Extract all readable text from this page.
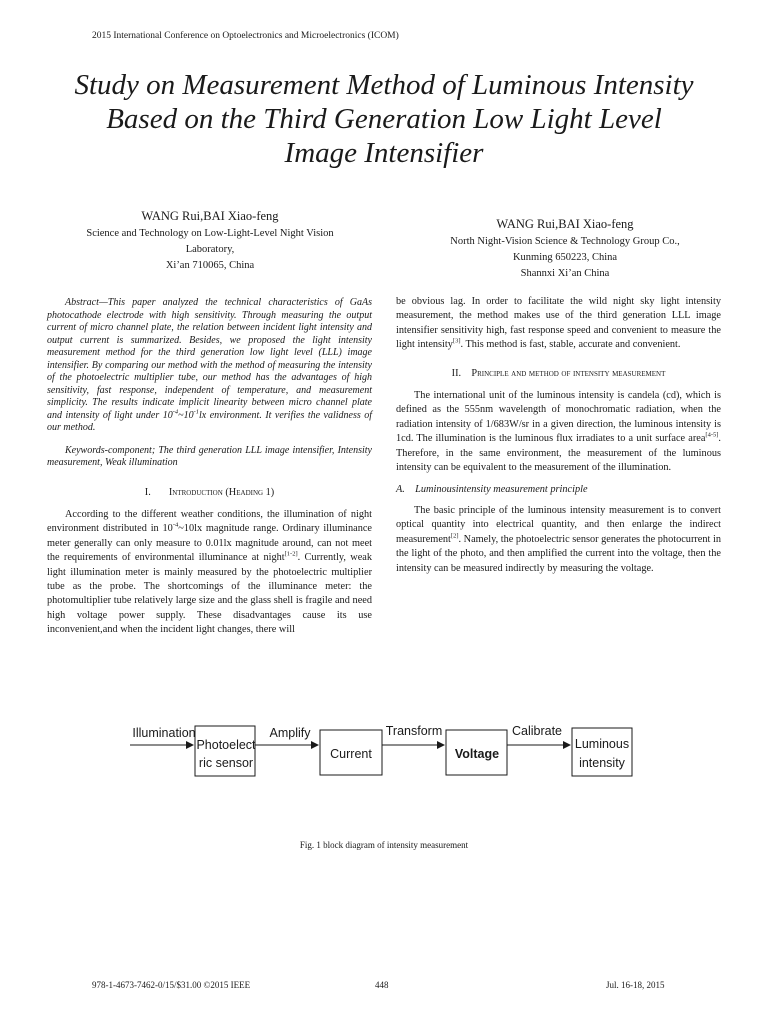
2015 International Conference on Optoelectronics and Microelectronics (ICOM)
Study on Measurement Method of Luminous Intensity
Based on the Third Generation Low Light Level
Image Intensifier
WANG Rui,BAI Xiao-feng
Science and Technology on Low-Light-Level Night Vision
Laboratory,
Xi’an 710065, China
WANG Rui,BAI Xiao-feng
North Night-Vision Science & Technology Group Co.,
Kunming 650223, China
Shannxi Xi’an China

Abstract—This paper analyzed the technical characteristics of GaAs photocathode electrode with high sensitivity. Through measuring the output current of micro channel plate, the relation between incident light intensity and output current is summarized. Besides, we proposed the light intensity measurement method for the third generation low light level (LLL) image intensifier. By comparing our method with the method of measuring the intensity of the photoelectric multiplier tube, our method has the advantages of high sensitivity, fast response, independent of temperature, and measurement simplicity. The results indicate implicit linearity between micro channel plate and intensity of light under $10^{-4}\sim 10^{-1}lx$ environment. It verifies the validness of our method.

Keywords-component; The third generation LLL image intensifier, Intensity measurement, Weak illumination

I. Introduction (Heading 1)

According to the different weather conditions, the illumination of night environment distributed in $10^{-4}\sim 10lx$ magnitude range. Ordinary illuminance meter generally can only measure to 0.01lx magnitude around, can not meet the requirements of environmental illuminance at night[1-2]. Currently, weak light illumination meter is mainly measured by the photoelectric multiplier tube as the probe. The shortcomings of the illuminance meter: the photomultiplier tube relatively large size and the glass shell is fragile and need high voltage power supply. These disadvantages cause its use inconvenient,and when the incident light changes, there will

be obvious lag. In order to facilitate the wild night sky light intensity measurement, the method makes use of the third generation LLL image intensifier sensitivity high, fast response speed and convenient to measure the light intensity[3]. This method is fast, stable, accurate and convenient.

II. Principle and method of intensity measurement

The international unit of the luminous intensity is candela (cd), which is defined as the 555nm wavelength of monochromatic radiation, when the radiation intensity of 1/683W/sr in a given direction, the luminous intensity is 1cd. The illumination is the luminous flux irradiates to a unit surface area[4-5]. Therefore, in the same environment, the measurement of the luminous intensity can be equivalent to the measurement of the illumination.

A. Luminousintensity measurement principle

The basic principle of the luminous intensity measurement is to convert optical quantity into electrical quantity, and then enlarge the indirect measurement[2]. Namely, the photoelectric sensor generates the photocurrent in the light of the photo, and then amplified the current into the voltage, then the intensity can be measured indirectly by measuring the voltage.

Illumination	Amplify	Transform	Calibrate
Photoelect
ric sensor
Current	Voltage
Luminous
intensity
Fig. 1 block diagram of intensity measurement
978-1-4673-7462-0/15/$31.00 ©2015 IEEE	448	Jul. 16-18, 2015
